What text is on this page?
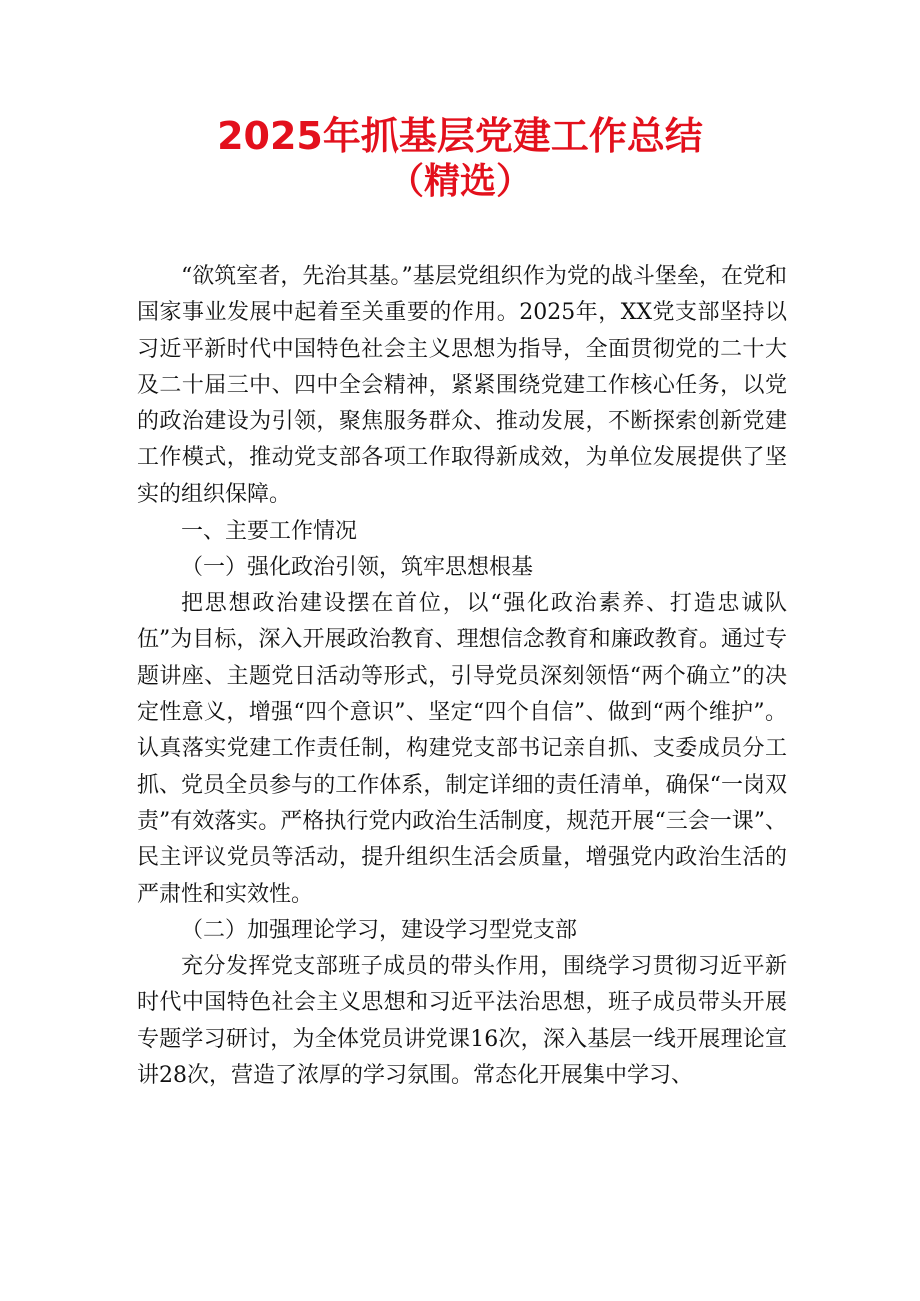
2025年抓基层党建工作总结
（精选）

“欲筑室者，先治其基。”基层党组织作为党的战斗堡垒，在党和国家事业发展中起着至关重要的作用。2025年，XX党支部坚持以习近平新时代中国特色社会主义思想为指导，全面贯彻党的二十大及二十届三中、四中全会精神，紧紧围绕党建工作核心任务，以党的政治建设为引领，聚焦服务群众、推动发展，不断探索创新党建工作模式，推动党支部各项工作取得新成效，为单位发展提供了坚实的组织保障。

一、主要工作情况

（一）强化政治引领，筑牢思想根基

把思想政治建设摆在首位，以“强化政治素养、打造忠诚队伍”为目标，深入开展政治教育、理想信念教育和廉政教育。通过专题讲座、主题党日活动等形式，引导党员深刻领悟“两个确立”的决定性意义，增强“四个意识”、坚定“四个自信”、做到“两个维护”。认真落实党建工作责任制，构建党支部书记亲自抓、支委成员分工抓、党员全员参与的工作体系，制定详细的责任清单，确保“一岗双责”有效落实。严格执行党内政治生活制度，规范开展“三会一课”、民主评议党员等活动，提升组织生活会质量，增强党内政治生活的严肃性和实效性。

（二）加强理论学习，建设学习型党支部

充分发挥党支部班子成员的带头作用，围绕学习贯彻习近平新时代中国特色社会主义思想和习近平法治思想，班子成员带头开展专题学习研讨，为全体党员讲党课16次，深入基层一线开展理论宣讲28次，营造了浓厚的学习氛围。常态化开展集中学习、
